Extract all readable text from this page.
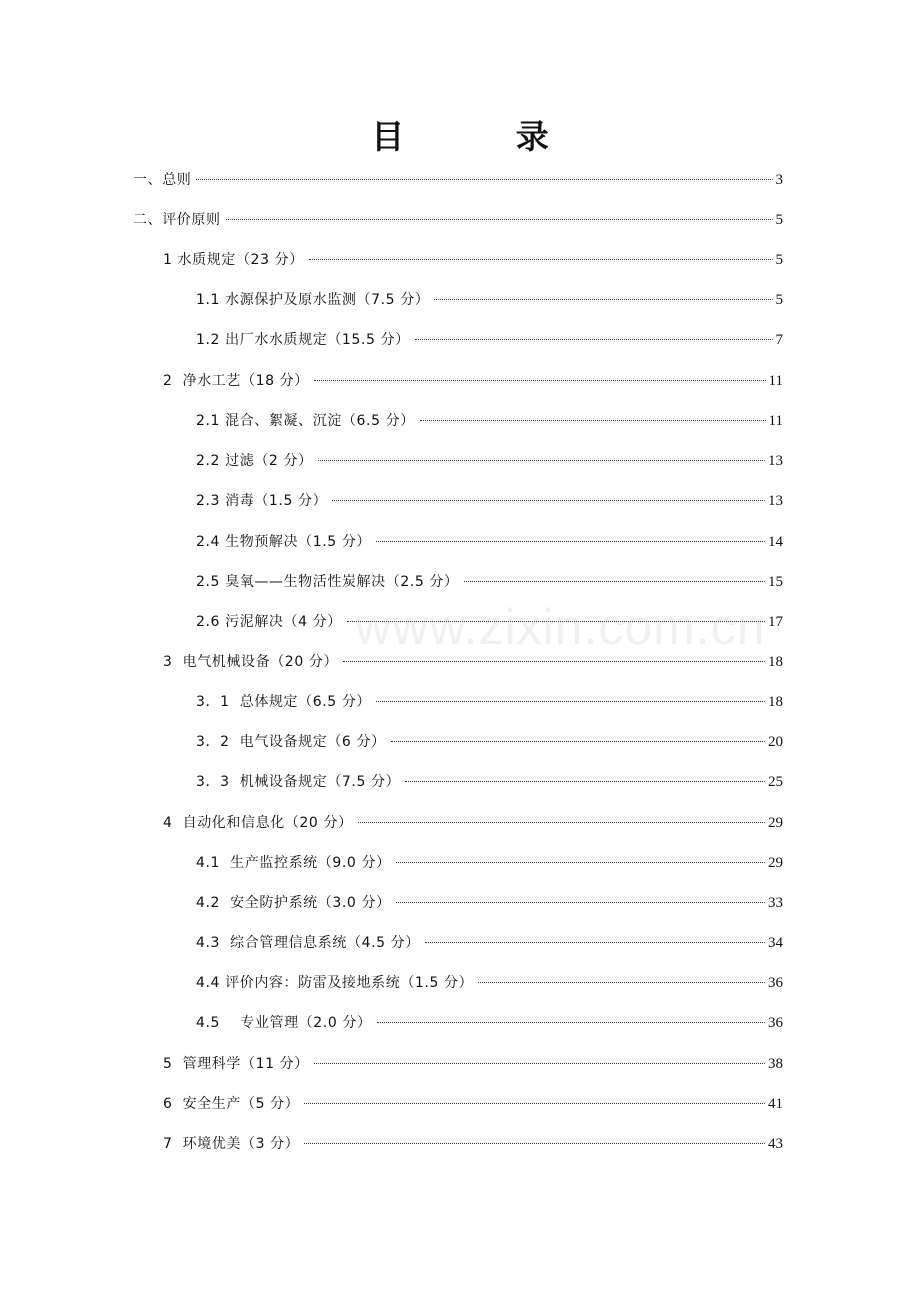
目 录
一、总则	3
二、评价原则	5
1 水质规定（23 分）	5
1.1 水源保护及原水监测（7.5 分）	5
1.2 出厂水水质规定（15.5 分）	7
2  净水工艺（18 分）	11
2.1 混合、絮凝、沉淀（6.5 分）	11
2.2 过滤（2 分）	13
2.3 消毒（1.5 分）	13
2.4 生物预解决（1.5 分）	14
2.5 臭氧——生物活性炭解决（2.5 分）	15
2.6 污泥解决（4 分）	17
3  电气机械设备（20 分）	18
3．1  总体规定（6.5 分）	18
3．2  电气设备规定（6 分）	20
3．3  机械设备规定（7.5 分）	25
4  自动化和信息化（20 分）	29
4.1  生产监控系统（9.0 分）	29
4.2  安全防护系统（3.0 分）	33
4.3  综合管理信息系统（4.5 分）	34
4.4 评价内容：防雷及接地系统（1.5 分）	36
4.5    专业管理（2.0 分）	36
5  管理科学（11 分）	38
6  安全生产（5 分）	41
7  环境优美（3 分）	43
www.zixin.com.cn
